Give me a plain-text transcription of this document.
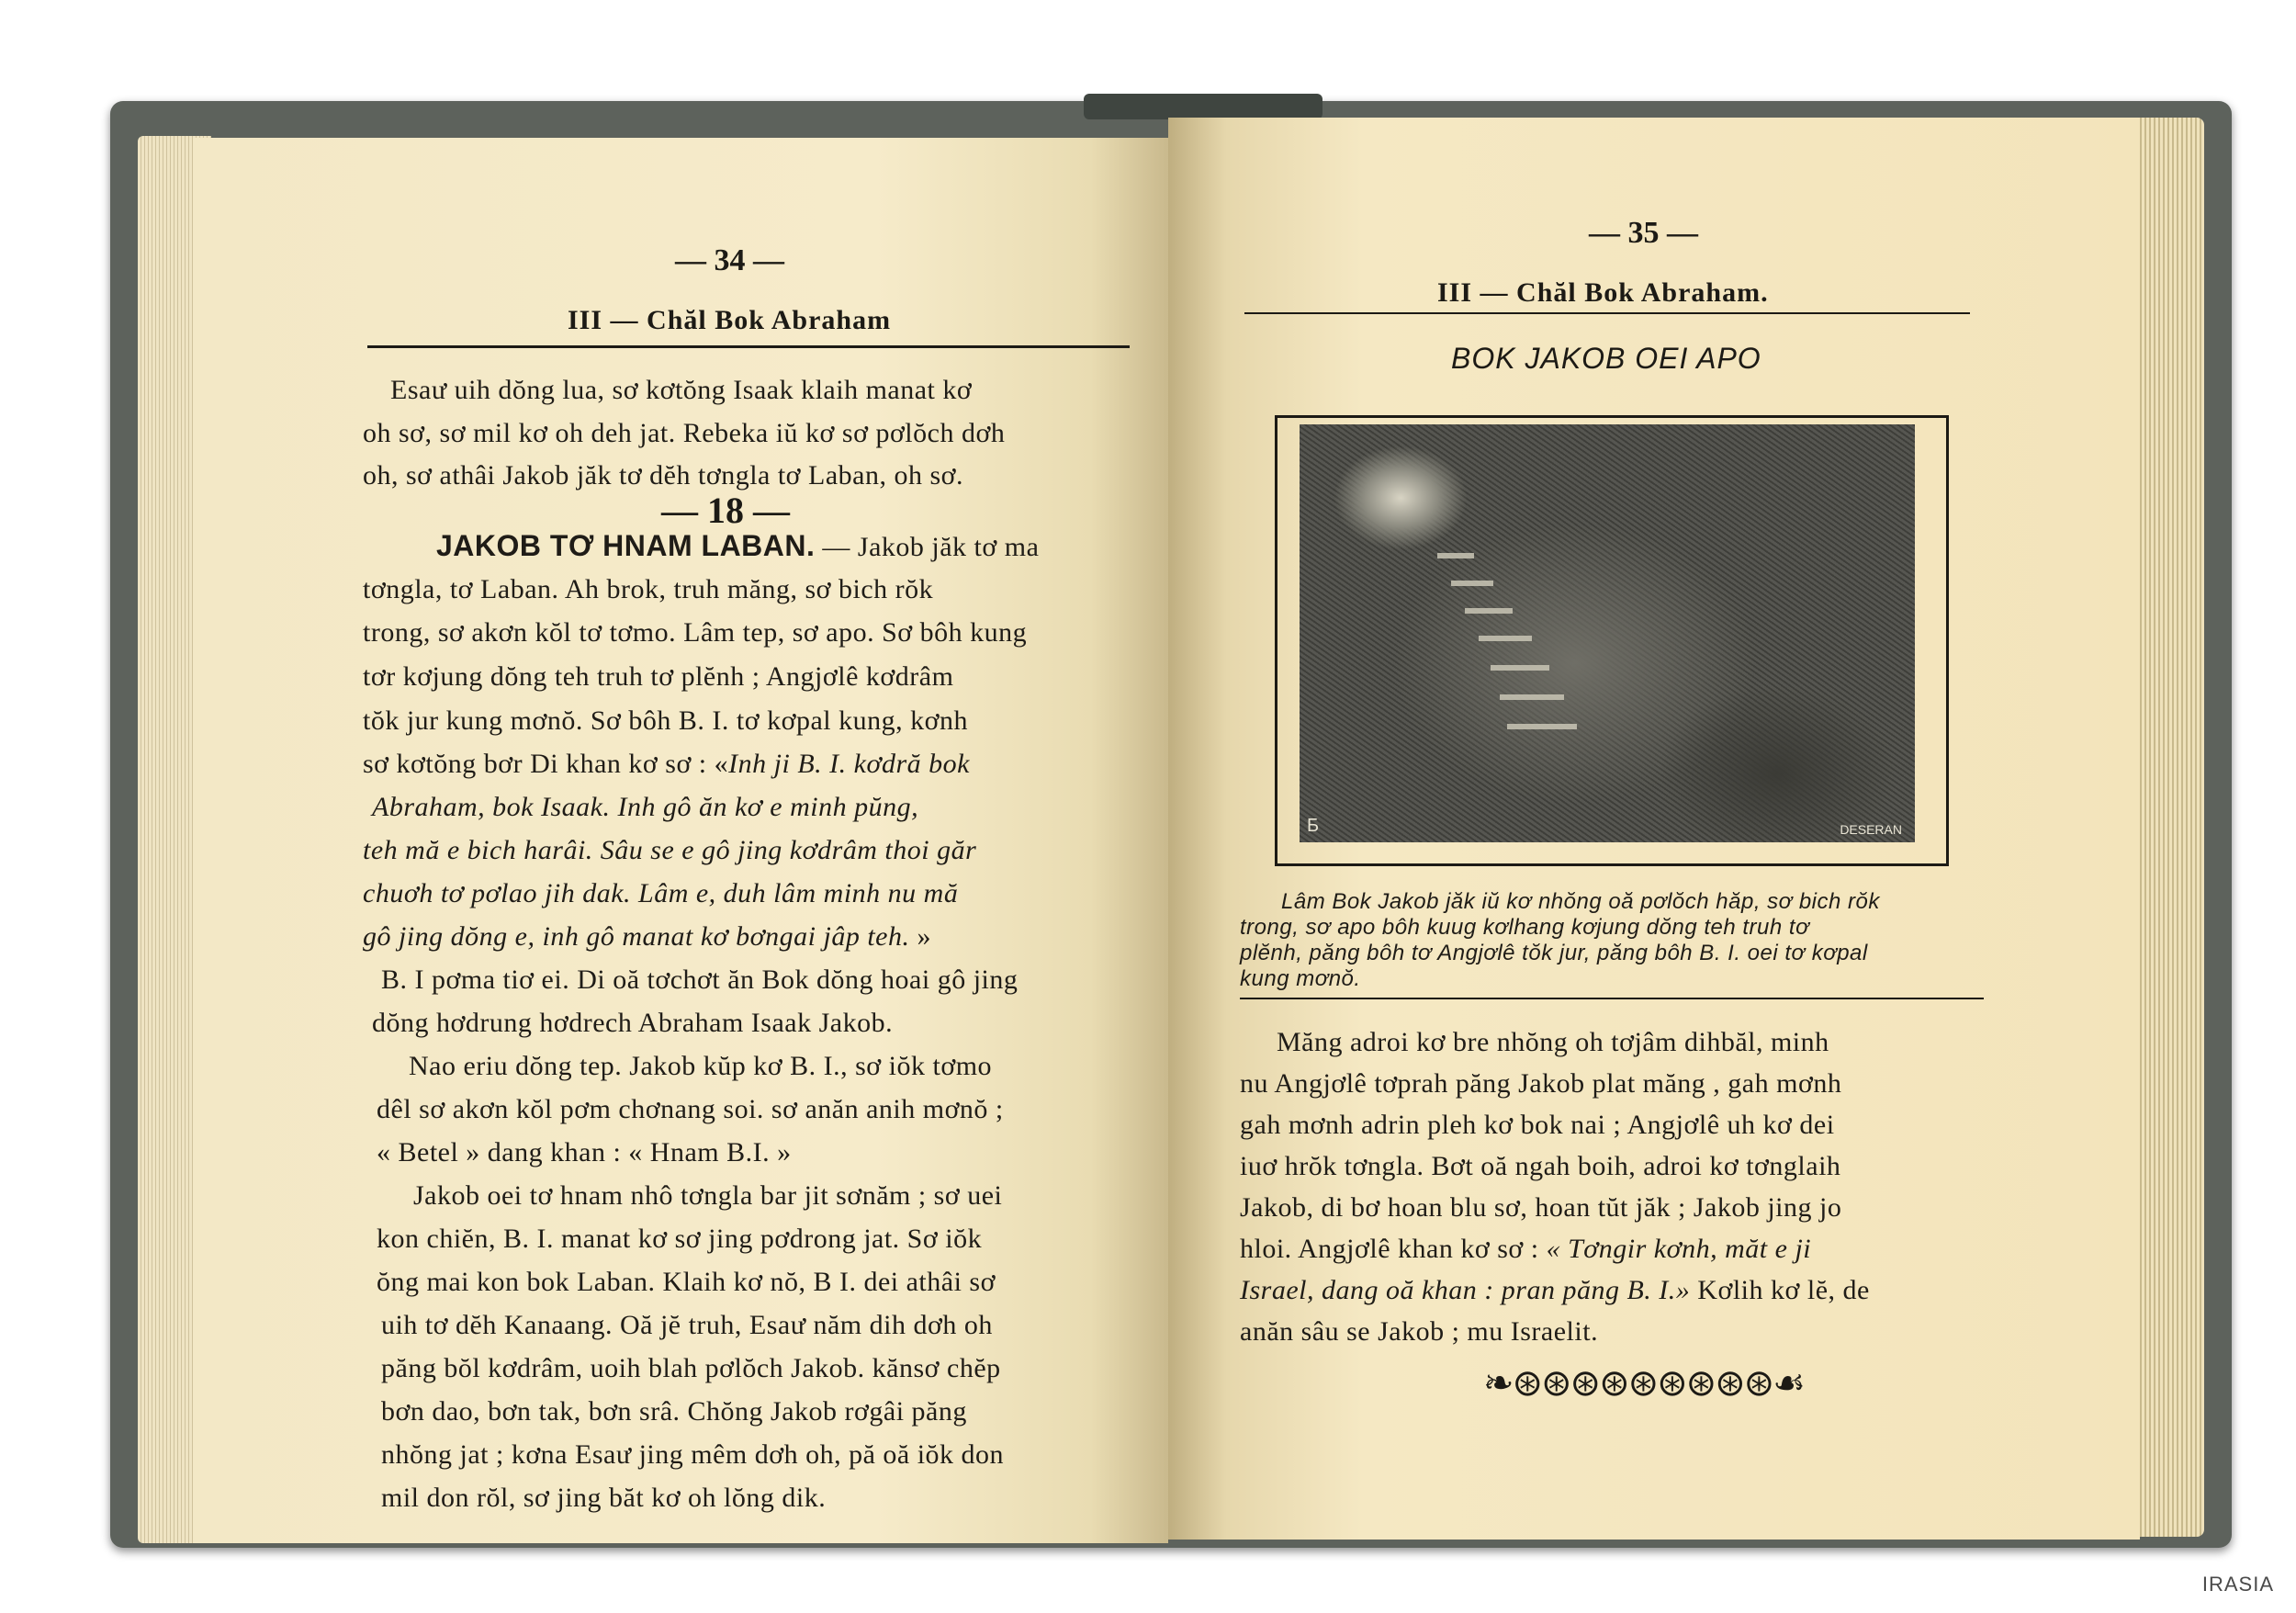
— 34 —
III — Chăl Bok Abraham
Esaư uih dŏng lua, sơ kơtŏng Isaak klaih manat kơ
oh sơ, sơ mil kơ oh deh jat. Rebeka iŭ kơ sơ pơlŏch dơh
oh, sơ athâi Jakob jăk tơ dĕh tơngla tơ Laban, oh sơ.
— 18 —
JAKOB TƠ HNAM LABAN. — Jakob jăk tơ ma
tơngla, tơ Laban. Ah brok, truh măng, sơ bich rŏk
trong, sơ akơn kŏl tơ tơmo. Lâm tep, sơ apo. Sơ bôh kung
tơr kơjung dŏng teh truh tơ plĕnh ; Angjơlê kơdrâm
tŏk jur kung mơnŏ. Sơ bôh B. I. tơ kơpal kung, kơnh
sơ kơtŏng bơr Di khan kơ sơ : «Inh ji B. I. kơdră bok
Abraham, bok Isaak. Inh gô ăn kơ e minh pŭng,
teh mă e bich harâi. Sâu se e gô jing kơdrâm thoi găr
chuơh tơ pơlao jih dak. Lâm e, duh lâm minh nu mă
gô jing dŏng e, inh gô manat kơ bơngai jâp teh. »
B. I pơma tiơ ei. Di oă tơchơt ăn Bok dŏng hoai gô jing
dŏng hơdrung hơdrech Abraham Isaak Jakob.
Nao eriu dŏng tep. Jakob kŭp kơ B. I., sơ iŏk tơmo
dêl sơ akơn kŏl pơm chơnang soi. sơ anăn anih mơnŏ ;
« Betel » dang khan : « Hnam B.I. »
Jakob oei tơ hnam nhô tơngla bar jit sơnăm ; sơ uei
kon chiĕn, B. I. manat kơ sơ jing pơdrong jat. Sơ iŏk
ŏng mai kon bok Laban. Klaih kơ nŏ, B I. dei athâi sơ
uih tơ dĕh Kanaang. Oă jĕ truh, Esaư năm dih dơh oh
păng bŏl kơdrâm, uoih blah pơlŏch Jakob. kănsơ chĕp
bơn dao, bơn tak, bơn srâ. Chŏng Jakob rơgâi păng
nhŏng jat ; kơna Esaư jing mêm dơh oh, pă oă iŏk don
mil don rŏl, sơ jing băt kơ oh lŏng dik.
— 35 —
III — Chăl Bok Abraham.
BOK JAKOB OEI APO
Б	DESERAN
Lâm Bok Jakob jăk iŭ kơ nhŏng oă pơlŏch hăp, sơ bich rŏk
trong, sơ apo bôh kuug kơlhang kơjung dŏng teh truh tơ
plĕnh, păng bôh tơ Angjơlê tŏk jur, păng bôh B. I. oei tơ kơpal
kung mơnŏ.
Măng adroi kơ bre nhŏng oh tơjâm dihbăl, minh
nu Angjơlê tơprah păng Jakob plat măng , gah mơnh
gah mơnh adrin pleh kơ bok nai ; Angjơlê uh kơ dei
iuơ hrŏk tơngla. Bơt oă ngah boih, adroi kơ tơnglaih
Jakob, di bơ hoan blu sơ, hoan tŭt jăk ; Jakob jing jo
hloi. Angjơlê khan kơ sơ : « Tơngir kơnh, măt e ji
Israel, dang oă khan : pran păng B. I.» Kơlih kơ lĕ, de
anăn sâu se Jakob ; mu Israelit.
❧⊛⊛⊛⊛⊛⊛⊛⊛⊛☙
IRASIA
